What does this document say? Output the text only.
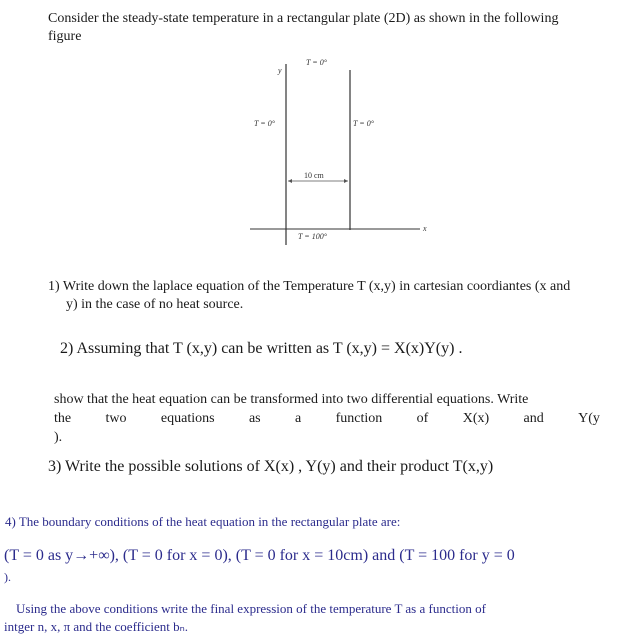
Consider the steady-state temperature in a rectangular plate (2D) as shown in the following
figure
y
x
T = 0°
T = 0°	T = 0°
10 cm
T = 100°
1) Write down the laplace equation of the Temperature T (x,y) in cartesian coordiantes (x and
y) in the case of no heat source.
2) Assuming that T (x,y) can be written as T (x,y) = X(x)Y(y) .
show that the heat equation can be transformed into two differential equations. Write
the two equations as a function of X(x) and Y(y
).
3) Write the possible solutions of X(x) , Y(y) and their product T(x,y)
4) The boundary conditions of the heat equation in the rectangular plate are:
(T = 0 as y→+∞), (T = 0 for x = 0), (T = 0 for x = 10cm) and (T = 100 for y = 0
).
Using the above conditions write the final expression of the temperature T as a function of
intger n, x, π and the coefficient bₙ.
